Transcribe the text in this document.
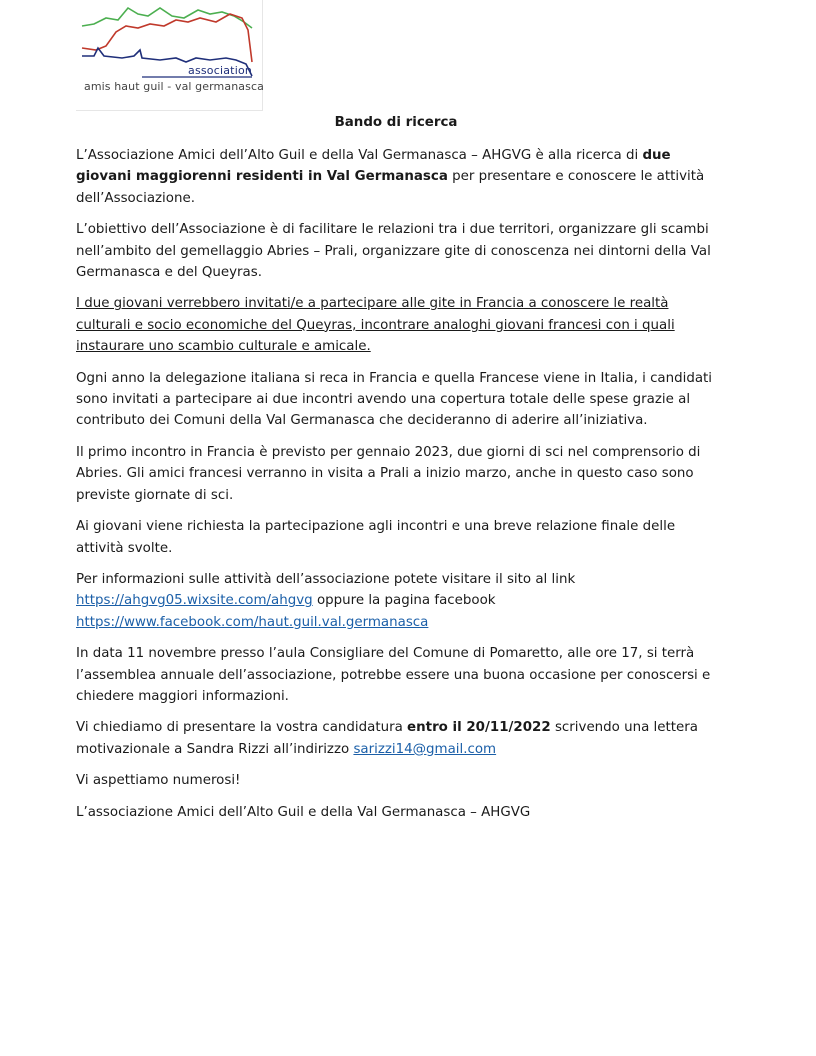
association
amis haut guil - val germanasca
Bando di ricerca

L’Associazione Amici dell’Alto Guil e della Val Germanasca – AHGVG è alla ricerca di due giovani maggiorenni residenti in Val Germanasca per presentare e conoscere le attività dell’Associazione.

L’obiettivo dell’Associazione è di facilitare le relazioni tra i due territori, organizzare gli scambi nell’ambito del gemellaggio Abries – Prali, organizzare gite di conoscenza nei dintorni della Val Germanasca e del Queyras.

I due giovani verrebbero invitati/e a partecipare alle gite in Francia a conoscere le realtà culturali e socio economiche del Queyras, incontrare analoghi giovani francesi con i quali instaurare uno scambio culturale e amicale.

Ogni anno la delegazione italiana si reca in Francia e quella Francese viene in Italia, i candidati sono invitati a partecipare ai due incontri avendo una copertura totale delle spese grazie al contributo dei Comuni della Val Germanasca che decideranno di aderire all’iniziativa.

Il primo incontro in Francia è previsto per gennaio 2023, due giorni di sci nel comprensorio di Abries. Gli amici francesi verranno in visita a Prali a inizio marzo, anche in questo caso sono previste giornate di sci.

Ai giovani viene richiesta la partecipazione agli incontri e una breve relazione finale delle attività svolte.

Per informazioni sulle attività dell’associazione potete visitare il sito al link https://ahgvg05.wixsite.com/ahgvg oppure la pagina facebook https://www.facebook.com/haut.guil.val.germanasca

In data 11 novembre presso l’aula Consigliare del Comune di Pomaretto, alle ore 17, si terrà l’assemblea annuale dell’associazione, potrebbe essere una buona occasione per conoscersi e chiedere maggiori informazioni.

Vi chiediamo di presentare la vostra candidatura entro il 20/11/2022 scrivendo una lettera motivazionale a Sandra Rizzi all’indirizzo sarizzi14@gmail.com

Vi aspettiamo numerosi!

L’associazione Amici dell’Alto Guil e della Val Germanasca – AHGVG
